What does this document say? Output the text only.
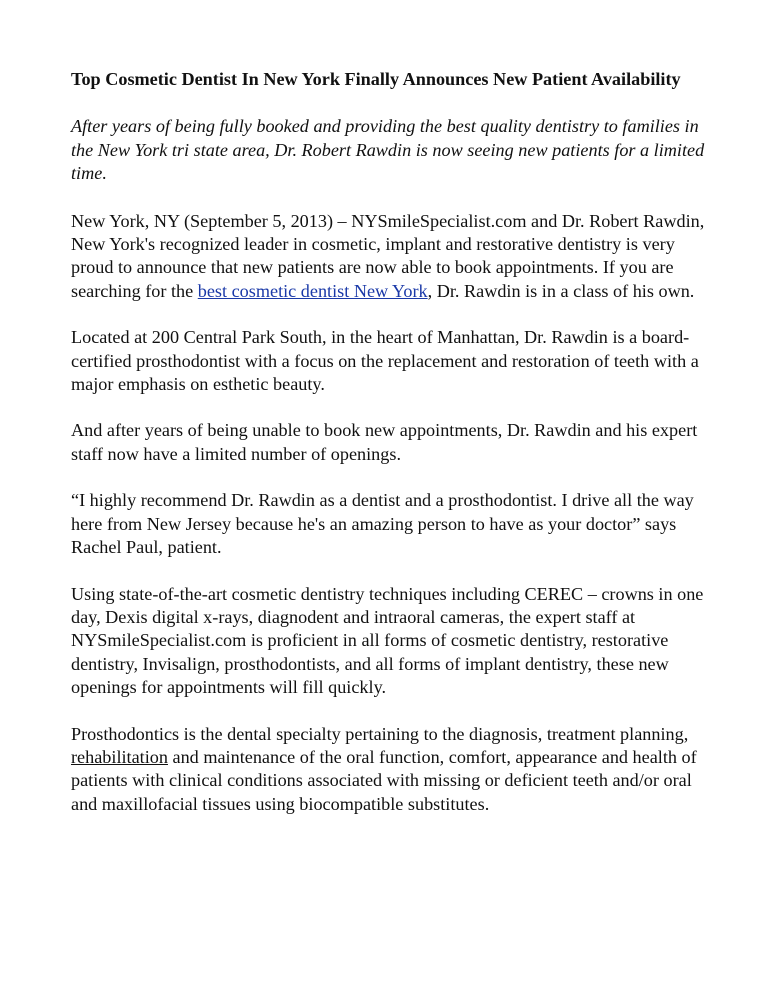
Top Cosmetic Dentist In New York Finally Announces New Patient Availability

After years of being fully booked and providing the best quality dentistry to families in the New York tri state area, Dr. Robert Rawdin is now seeing new patients for a limited time.

New York, NY (September 5, 2013) – NYSmileSpecialist.com and Dr. Robert Rawdin, New York's recognized leader in cosmetic, implant and restorative dentistry is very proud to announce that new patients are now able to book appointments. If you are searching for the best cosmetic dentist New York, Dr. Rawdin is in a class of his own.

Located at 200 Central Park South, in the heart of Manhattan, Dr. Rawdin is a board-certified prosthodontist with a focus on the replacement and restoration of teeth with a major emphasis on esthetic beauty.

And after years of being unable to book new appointments, Dr. Rawdin and his expert staff now have a limited number of openings.

“I highly recommend Dr. Rawdin as a dentist and a prosthodontist. I drive all the way here from New Jersey because he's an amazing person to have as your doctor” says Rachel Paul, patient.

Using state-of-the-art cosmetic dentistry techniques including CEREC – crowns in one day, Dexis digital x-rays, diagnodent and intraoral cameras, the expert staff at NYSmileSpecialist.com is proficient in all forms of cosmetic dentistry, restorative dentistry, Invisalign, prosthodontists, and all forms of implant dentistry, these new openings for appointments will fill quickly.

Prosthodontics is the dental specialty pertaining to the diagnosis, treatment planning, rehabilitation and maintenance of the oral function, comfort, appearance and health of patients with clinical conditions associated with missing or deficient teeth and/or oral and maxillofacial tissues using biocompatible substitutes.
